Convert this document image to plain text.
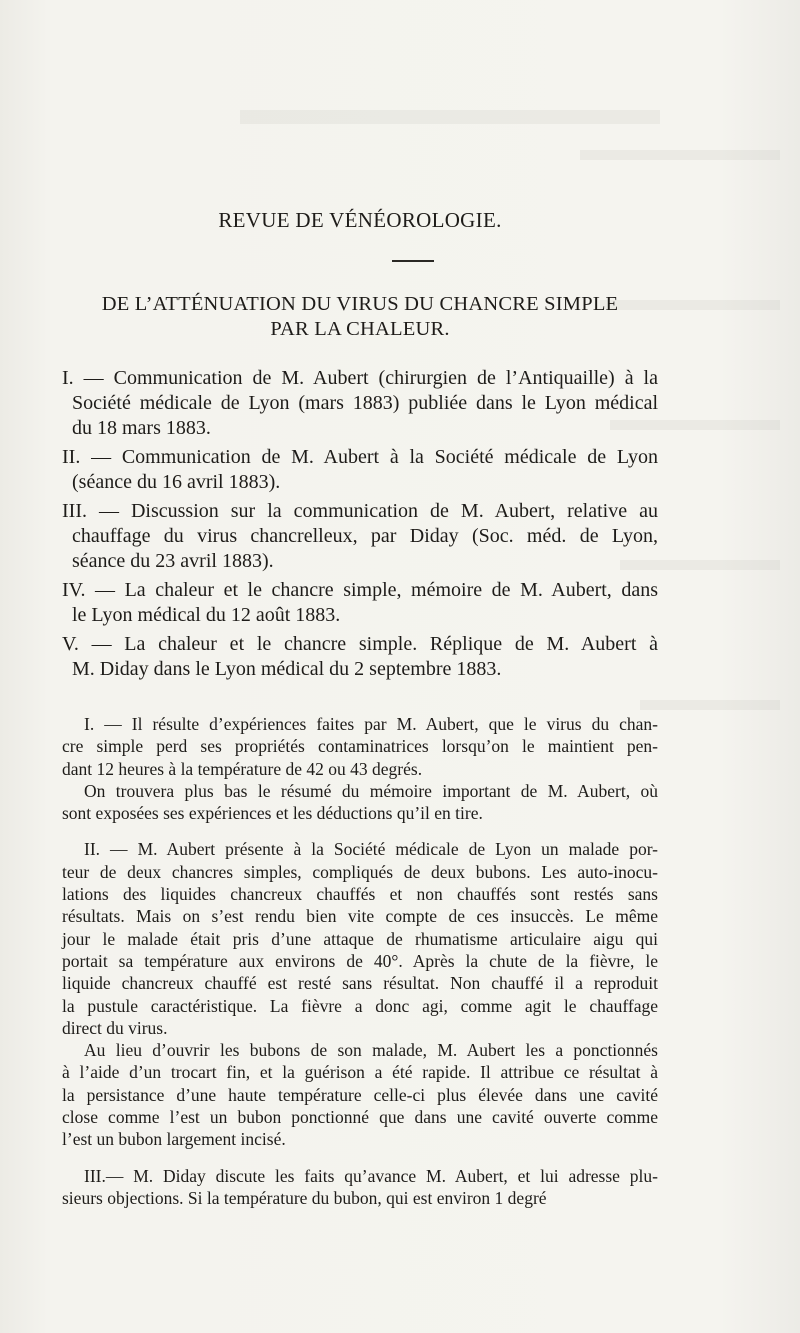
REVUE DE VÉNÉOROLOGIE.
DE L’ATTÉNUATION DU VIRUS DU CHANCRE SIMPLE
PAR LA CHALEUR.
I. — Communication de M. Aubert (chirurgien de l’Antiquaille) à la
Société médicale de Lyon (mars 1883) publiée dans le Lyon médical
du 18 mars 1883.
II. — Communication de M. Aubert à la Société médicale de Lyon
(séance du 16 avril 1883).
III. — Discussion sur la communication de M. Aubert, relative au
chauffage du virus chancrelleux, par Diday (Soc. méd. de Lyon,
séance du 23 avril 1883).
IV. — La chaleur et le chancre simple, mémoire de M. Aubert, dans
le Lyon médical du 12 août 1883.
V. — La chaleur et le chancre simple. Réplique de M. Aubert à
M. Diday dans le Lyon médical du 2 septembre 1883.

I. — Il résulte d’expériences faites par M. Aubert, que le virus du chan-
cre simple perd ses propriétés contaminatrices lorsqu’on le maintient pen-
dant 12 heures à la température de 42 ou 43 degrés.

On trouvera plus bas le résumé du mémoire important de M. Aubert, où
sont exposées ses expériences et les déductions qu’il en tire.

II. — M. Aubert présente à la Société médicale de Lyon un malade por-
teur de deux chancres simples, compliqués de deux bubons. Les auto-inocu-
lations des liquides chancreux chauffés et non chauffés sont restés sans
résultats. Mais on s’est rendu bien vite compte de ces insuccès. Le même
jour le malade était pris d’une attaque de rhumatisme articulaire aigu qui
portait sa température aux environs de 40°. Après la chute de la fièvre, le
liquide chancreux chauffé est resté sans résultat. Non chauffé il a reproduit
la pustule caractéristique. La fièvre a donc agi, comme agit le chauffage
direct du virus.

Au lieu d’ouvrir les bubons de son malade, M. Aubert les a ponctionnés
à l’aide d’un trocart fin, et la guérison a été rapide. Il attribue ce résultat à
la persistance d’une haute température celle-ci plus élevée dans une cavité
close comme l’est un bubon ponctionné que dans une cavité ouverte comme
l’est un bubon largement incisé.

III.— M. Diday discute les faits qu’avance M. Aubert, et lui adresse plu-
sieurs objections. Si la température du bubon, qui est environ 1 degré
